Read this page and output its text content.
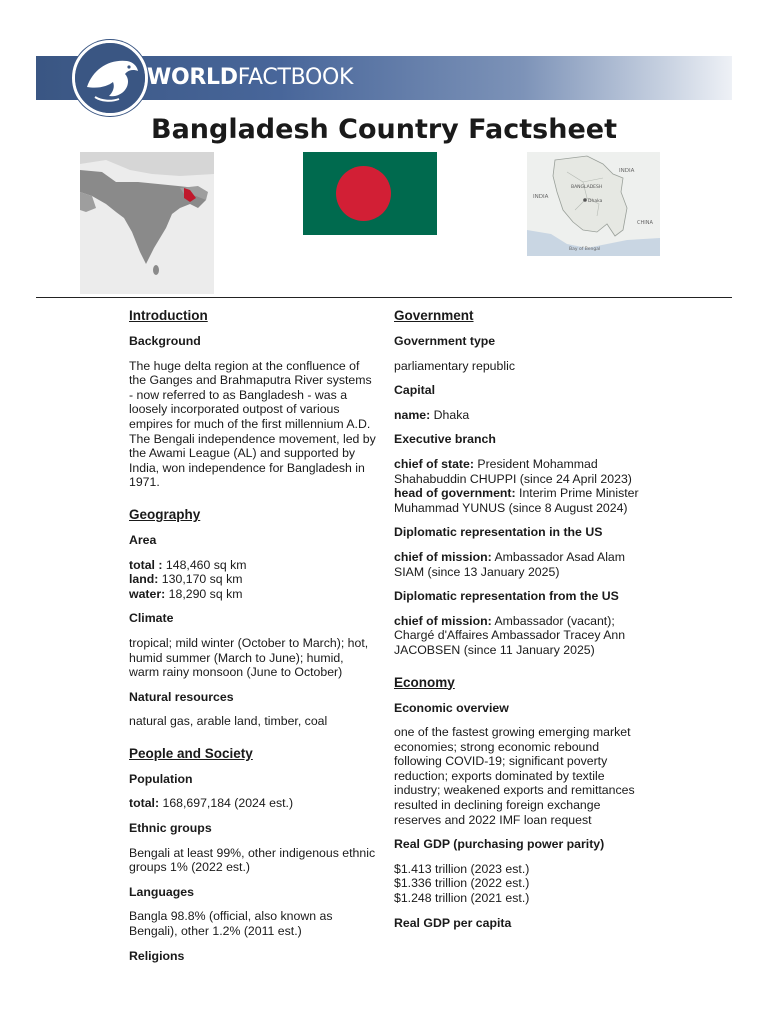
WORLDFACTBOOK
Bangladesh Country Factsheet
INDIA
INDIA
BANGLADESH
Dhaka
CHINA
Bay of Bengal
Introduction
Background
The huge delta region at the confluence of the Ganges and Brahmaputra River systems - now referred to as Bangladesh - was a loosely incorporated outpost of various empires for much of the first millennium A.D. The Bengali independence movement, led by the Awami League (AL) and supported by India, won independence for Bangladesh in 1971.
Geography
Area
total : 148,460 sq km
land: 130,170 sq km
water: 18,290 sq km
Climate
tropical; mild winter (October to March); hot, humid summer (March to June); humid, warm rainy monsoon (June to October)
Natural resources
natural gas, arable land, timber, coal
People and Society
Population
total: 168,697,184 (2024 est.)
Ethnic groups
Bengali at least 99%, other indigenous ethnic groups 1% (2022 est.)
Languages
Bangla 98.8% (official, also known as Bengali), other 1.2% (2011 est.)
Religions
Government
Government type
parliamentary republic
Capital
name: Dhaka
Executive branch
chief of state: President Mohammad Shahabuddin CHUPPI (since 24 April 2023)
head of government: Interim Prime Minister Muhammad YUNUS (since 8 August 2024)
Diplomatic representation in the US
chief of mission: Ambassador Asad Alam SIAM (since 13 January 2025)
Diplomatic representation from the US
chief of mission: Ambassador (vacant); Chargé d'Affaires Ambassador Tracey Ann JACOBSEN (since 11 January 2025)
Economy
Economic overview
one of the fastest growing emerging market economies; strong economic rebound following COVID-19; significant poverty reduction; exports dominated by textile industry; weakened exports and remittances resulted in declining foreign exchange reserves and 2022 IMF loan request
Real GDP (purchasing power parity)
$1.413 trillion (2023 est.)
$1.336 trillion (2022 est.)
$1.248 trillion (2021 est.)
Real GDP per capita
